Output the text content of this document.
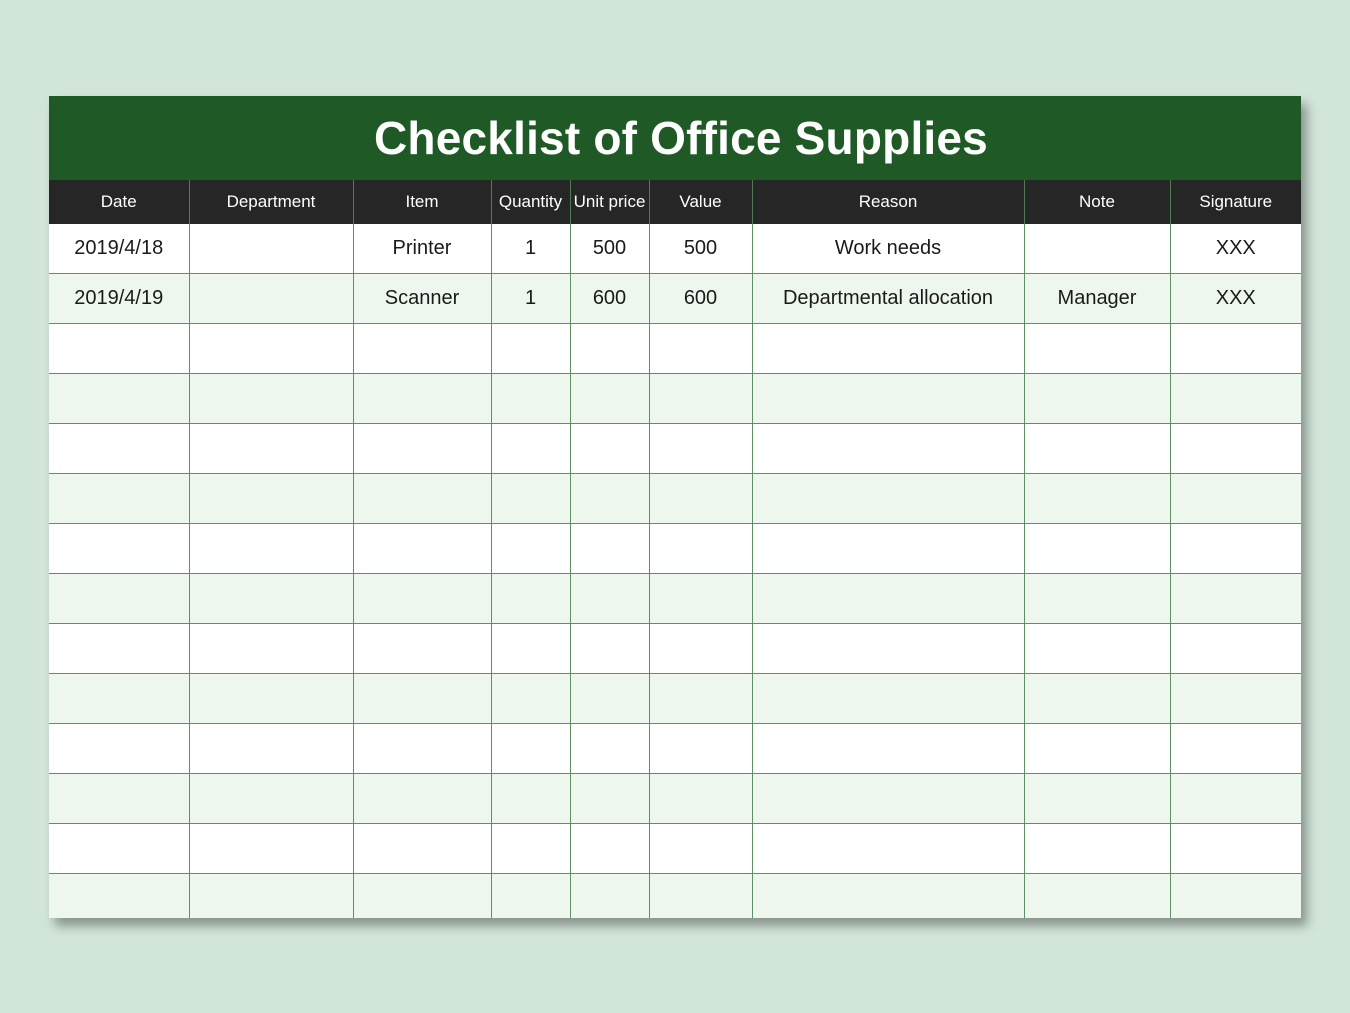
Checklist of Office Supplies
Date	Department	Item	Quantity	Unit price	Value	Reason	Note	Signature
2019/4/18		Printer	1	500	500	Work needs		XXX
2019/4/19		Scanner	1	600	600	Departmental allocation	Manager	XXX
